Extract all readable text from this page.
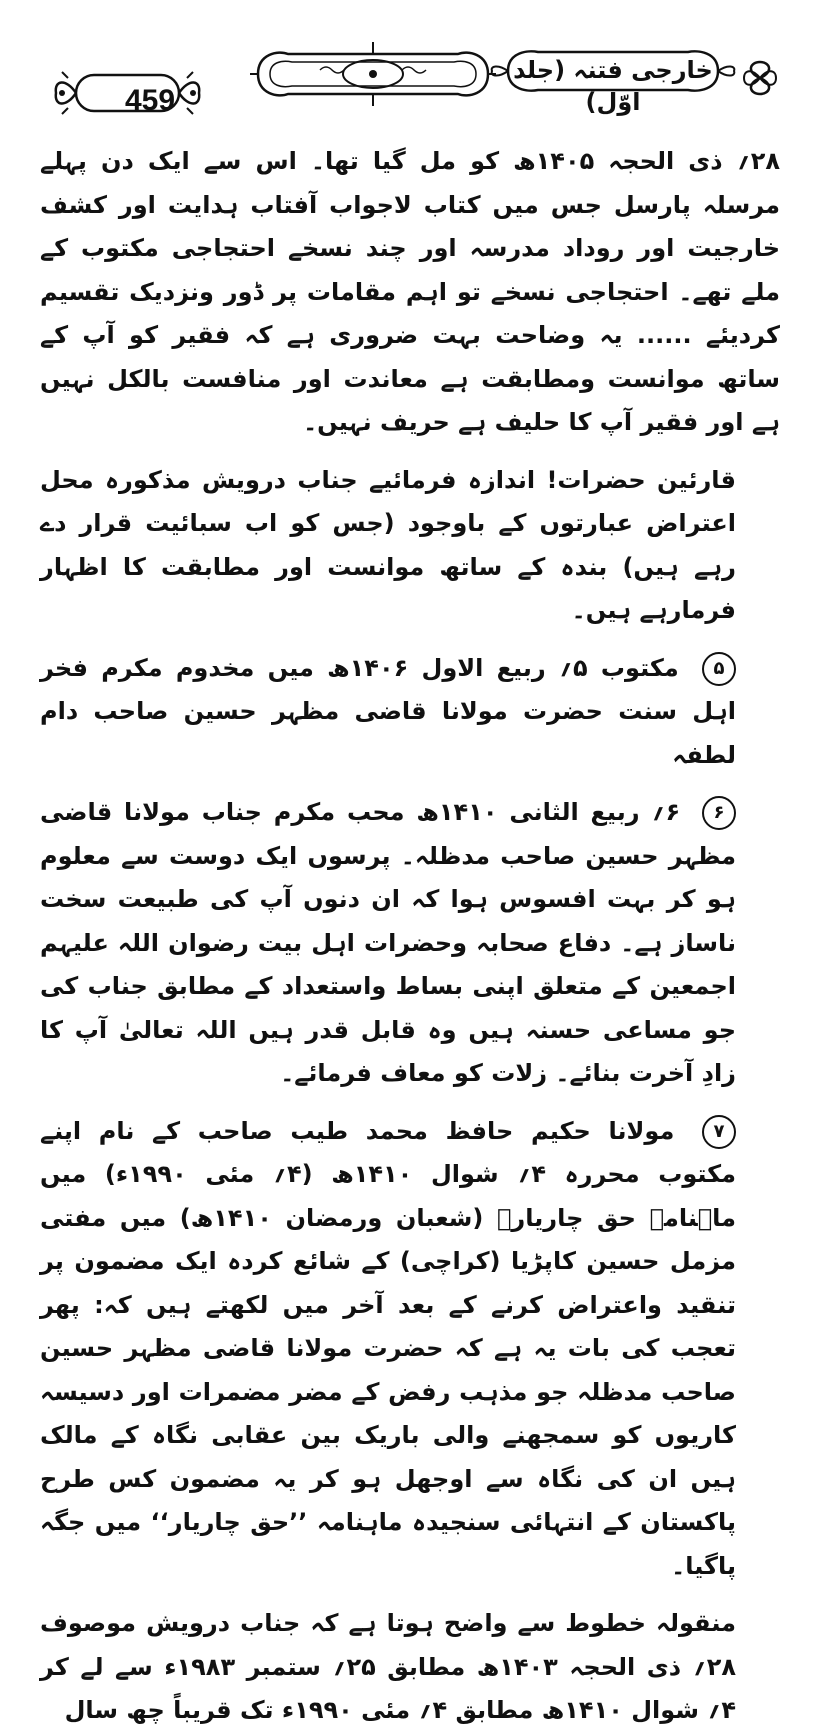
459
خارجی فتنہ (جلد اوّل)

۲۸؍ ذی الحجہ ۱۴۰۵ھ کو مل گیا تھا۔ اس سے ایک دن پہلے مرسلہ پارسل جس میں کتاب لاجواب آفتاب ہدایت اور کشف خارجیت اور روداد مدرسہ اور چند نسخے احتجاجی مکتوب کے ملے تھے۔ احتجاجی نسخے تو اہم مقامات پر ڈور ونزدیک تقسیم کردیئے ...... یہ وضاحت بہت ضروری ہے کہ فقیر کو آپ کے ساتھ موانست ومطابقت ہے معاندت اور منافست بالکل نہیں ہے اور فقیر آپ کا حلیف ہے حریف نہیں۔

قارئین حضرات! اندازہ فرمائیے جناب درویش مذکورہ محل اعتراض عبارتوں کے باوجود (جس کو اب سبائیت قرار دے رہے ہیں) بندہ کے ساتھ موانست اور مطابقت کا اظہار فرمارہے ہیں۔

۵ مکتوب ۵؍ ربیع الاول ۱۴۰۶ھ میں مخدوم مکرم فخر اہل سنت حضرت مولانا قاضی مظہر حسین صاحب دام لطفہ

۶ ۶؍ ربیع الثانی ۱۴۱۰ھ محب مکرم جناب مولانا قاضی مظہر حسین صاحب مدظلہ۔ پرسوں ایک دوست سے معلوم ہو کر بہت افسوس ہوا کہ ان دنوں آپ کی طبیعت سخت ناساز ہے۔ دفاع صحابہ وحضرات اہل بیت رضوان اللہ علیہم اجمعین کے متعلق اپنی بساط واستعداد کے مطابق جناب کی جو مساعی حسنہ ہیں وہ قابل قدر ہیں اللہ تعالیٰ آپ کا زادِ آخرت بنائے۔ زلات کو معاف فرمائے۔

۷ مولانا حکیم حافظ محمد طیب صاحب کے نام اپنے مکتوب محررہ ۴؍ شوال ۱۴۱۰ھ (۴؍ مئی ۱۹۹۰ء) میں ماہنامہ حق چاریارؓ (شعبان ورمضان ۱۴۱۰ھ) میں مفتی مزمل حسین کاپڑیا (کراچی) کے شائع کردہ ایک مضمون پر تنقید واعتراض کرنے کے بعد آخر میں لکھتے ہیں کہ: پھر تعجب کی بات یہ ہے کہ حضرت مولانا قاضی مظہر حسین صاحب مدظلہ جو مذہب رفض کے مضر مضمرات اور دسیسہ کاریوں کو سمجھنے والی باریک بین عقابی نگاہ کے مالک ہیں ان کی نگاہ سے اوجھل ہو کر یہ مضمون کس طرح پاکستان کے انتہائی سنجیدہ ماہنامہ ’’حق چاریار‘‘ میں جگہ پاگیا۔

منقولہ خطوط سے واضح ہوتا ہے کہ جناب درویش موصوف ۲۸؍ ذی الحجہ ۱۴۰۳ھ مطابق ۲۵؍ ستمبر ۱۹۸۳ء سے لے کر ۴؍ شوال ۱۴۱۰ھ مطابق ۴؍ مئی ۱۹۹۰ء تک قریباً چھ سال
